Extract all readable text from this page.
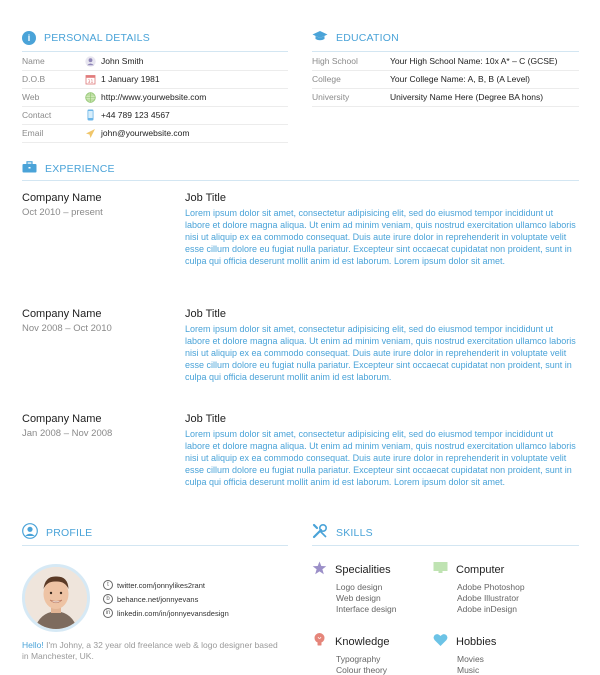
i	PERSONAL DETAILS
Name	John Smith
D.O.B	31 1 January 1981
Web	http://www.yourwebsite.com
Contact	+44 789 123 4567
Email	john@yourwebsite.com
EDUCATION
High School	Your High School Name: 10x A* – C (GCSE)
College	Your College Name: A, B, B (A Level)
University	University Name Here (Degree BA hons)
EXPERIENCE
Company Name
Oct 2010 – present
Job Title
Lorem ipsum dolor sit amet, consectetur adipisicing elit, sed do eiusmod tempor incididunt ut labore et dolore magna aliqua. Ut enim ad minim veniam, quis nostrud exercitation ullamco laboris nisi ut aliquip ex ea commodo consequat. Duis aute irure dolor in reprehenderit in voluptate velit esse cillum dolore eu fugiat nulla pariatur. Excepteur sint occaecat cupidatat non proident, sunt in culpa qui officia deserunt mollit anim id est laborum. Lorem ipsum dolor sit amet.
Company Name
Nov 2008 – Oct 2010
Job Title
Lorem ipsum dolor sit amet, consectetur adipisicing elit, sed do eiusmod tempor incididunt ut labore et dolore magna aliqua. Ut enim ad minim veniam, quis nostrud exercitation ullamco laboris nisi ut aliquip ex ea commodo consequat. Duis aute irure dolor in reprehenderit in voluptate velit esse cillum dolore eu fugiat nulla pariatur. Excepteur sint occaecat cupidatat non proident, sunt in culpa qui officia deserunt mollit anim id est laborum.
Company Name
Jan 2008 – Nov 2008
Job Title
Lorem ipsum dolor sit amet, consectetur adipisicing elit, sed do eiusmod tempor incididunt ut labore et dolore magna aliqua. Ut enim ad minim veniam, quis nostrud exercitation ullamco laboris nisi ut aliquip ex ea commodo consequat. Duis aute irure dolor in reprehenderit in voluptate velit esse cillum dolore eu fugiat nulla pariatur. Excepteur sint occaecat cupidatat non proident, sunt in culpa qui officia deserunt mollit anim id est laborum. Lorem ipsum dolor sit amet.
PROFILE
t	twitter.com/jonnylikes2rant
b behance.net/jonnyevans
in linkedin.com/in/jonnyevansdesign
Hello! I'm Johny, a 32 year old freelance web & logo designer based in Manchester, UK.
SKILLS
Specialities
Logo design
Web design
Interface design
Computer
Adobe Photoshop
Adobe Illustrator
Adobe inDesign
Knowledge
Typography
Colour theory
Hobbies
Movies
Music
